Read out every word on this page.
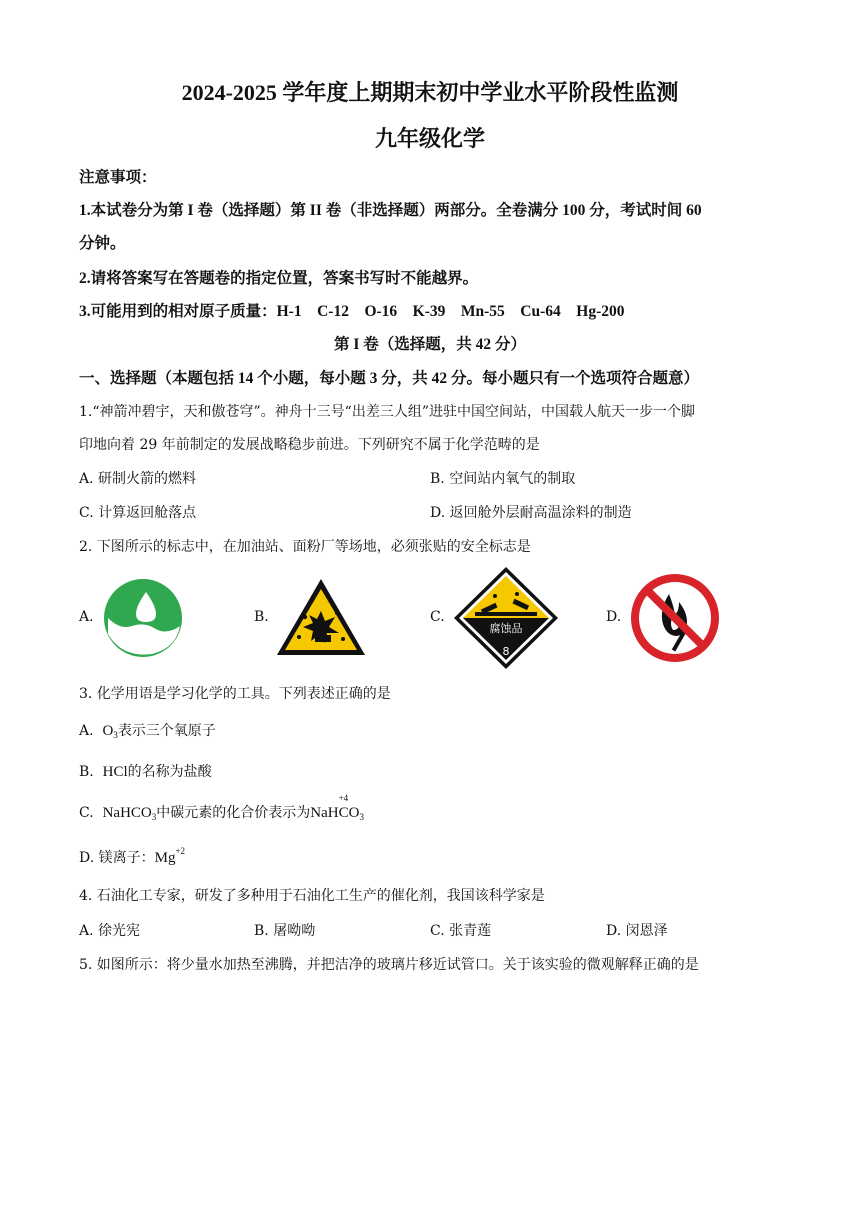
2024-2025 学年度上期期末初中学业水平阶段性监测
九年级化学
注意事项：
1.本试卷分为第 I 卷（选择题）第 II 卷（非选择题）两部分。全卷满分 100 分，考试时间 60
分钟。
2.请将答案写在答题卷的指定位置，答案书写时不能越界。
3.可能用到的相对原子质量：H-1　C-12　O-16　K-39　Mn-55　Cu-64　Hg-200
第 I 卷（选择题，共 42 分）
一、选择题（本题包括 14 个小题，每小题 3 分，共 42 分。每小题只有一个选项符合题意）
1.“神箭冲碧宇，天和傲苍穹”。神舟十三号“出差三人组”进驻中国空间站，中国载人航天一步一个脚
印地向着 29 年前制定的发展战略稳步前进。下列研究不属于化学范畴的是
A. 研制火箭的燃料	B. 空间站内氧气的制取
C. 计算返回舱落点	D. 返回舱外层耐高温涂料的制造
2. 下图所示的标志中，在加油站、面粉厂等场地，必须张贴的安全标志是
A.	B.	C.	D.
腐蚀品
8
3. 化学用语是学习化学的工具。下列表述正确的是
A. $O_3$表示三个氧原子
B. HCl的名称为盐酸
C. NaHCO$_3$中碳元素的化合价表示为NaH
+4
$CO_3$
D. 镁离子：$Mg^{+2}$
4. 石油化工专家，研发了多种用于石油化工生产的催化剂，我国该科学家是
A. 徐光宪	B. 屠呦呦	C. 张青莲	D. 闵恩泽
5. 如图所示：将少量水加热至沸腾，并把洁净的玻璃片移近试管口。关于该实验的微观解释正确的是
